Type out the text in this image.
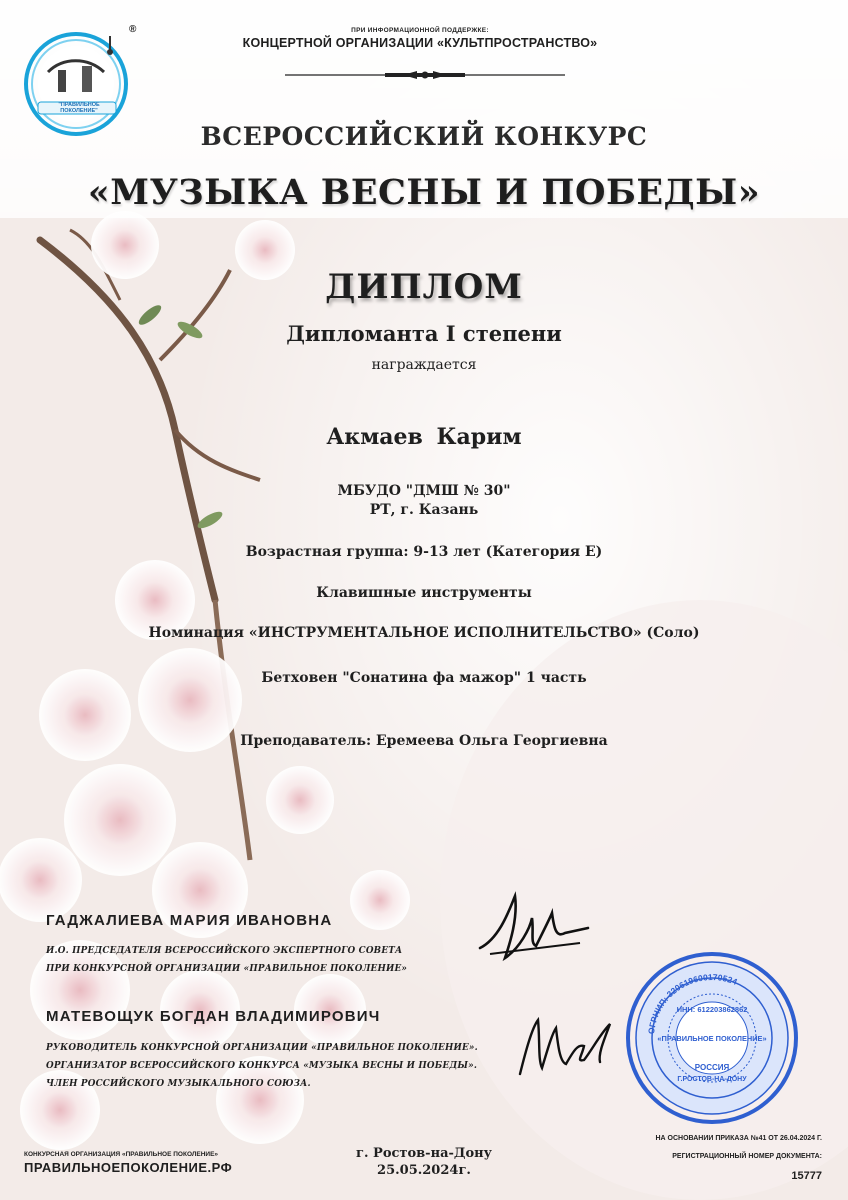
"ПРАВИЛЬНОЕ ПОКОЛЕНИЕ"
®	ПРИ ИНФОРМАЦИОННОЙ ПОДДЕРЖКЕ:
КОНЦЕРТНОЙ ОРГАНИЗАЦИИ «КУЛЬТПРОСТРАНСТВО»
ВСЕРОССИЙСКИЙ КОНКУРС
«МУЗЫКА ВЕСНЫ И ПОБЕДЫ»
ДИПЛОМ
Дипломанта I степени
награждается
Акмаев Карим
МБУДО "ДМШ № 30"
РТ, г. Казань
Возрастная группа: 9-13 лет (Категория Е)
Клавишные инструменты
Номинация «ИНСТРУМЕНТАЛЬНОЕ ИСПОЛНИТЕЛЬСТВО» (Соло)
Бетховен "Сонатина фа мажор" 1 часть
Преподаватель: Еремеева Ольга Георгиевна
ГАДЖАЛИЕВА МАРИЯ ИВАНОВНА
И.О. ПРЕДСЕДАТЕЛЯ ВСЕРОССИЙСКОГО ЭКСПЕРТНОГО СОВЕТА
ПРИ КОНКУРСНОЙ ОРГАНИЗАЦИИ «ПРАВИЛЬНОЕ ПОКОЛЕНИЕ»
МАТЕВОЩУК БОГДАН ВЛАДИМИРОВИЧ
РУКОВОДИТЕЛЬ КОНКУРСНОЙ ОРГАНИЗАЦИИ «ПРАВИЛЬНОЕ ПОКОЛЕНИЕ».
ОРГАНИЗАТОР ВСЕРОССИЙСКОГО КОНКУРСА «МУЗЫКА ВЕСНЫ И ПОБЕДЫ».
ЧЛЕН РОССИЙСКОГО МУЗЫКАЛЬНОГО СОЮЗА.
ОГРНИП: 320619600170524
ИНН: 612203862862
«ПРАВИЛЬНОЕ ПОКОЛЕНИЕ»
РОССИЯ
Г.РОСТОВ-НА-ДОНУ
КОНКУРСНАЯ ОРГАНИЗАЦИЯ «ПРАВИЛЬНОЕ ПОКОЛЕНИЕ»
ПРАВИЛЬНОЕПОКОЛЕНИЕ.РФ
г. Ростов-на-Дону
25.05.2024г.
НА ОСНОВАНИИ ПРИКАЗА №41 ОТ 26.04.2024 Г.
РЕГИСТРАЦИОННЫЙ НОМЕР ДОКУМЕНТА:
15777
